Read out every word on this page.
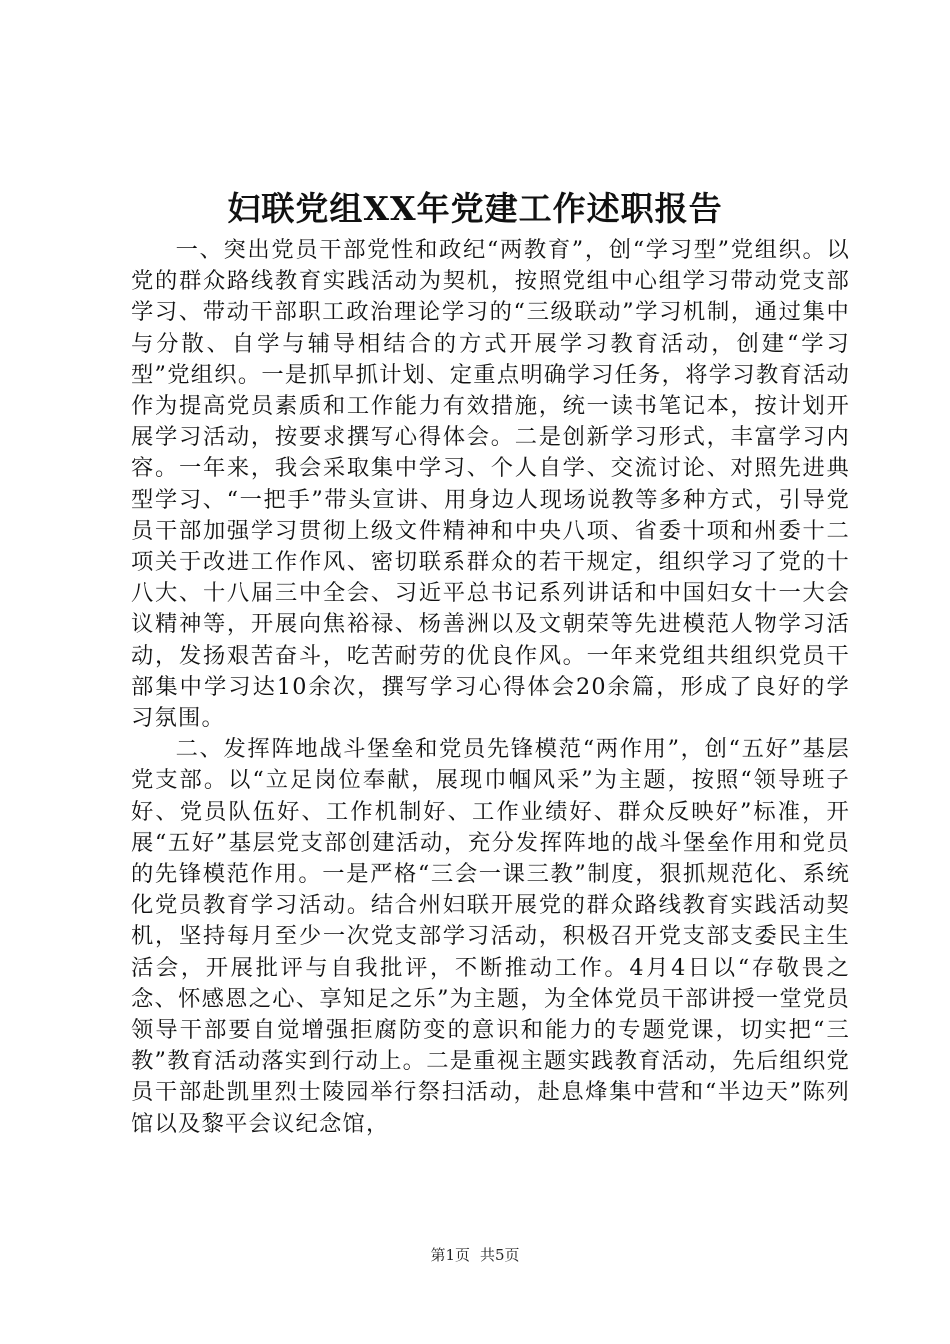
妇联党组XX年党建工作述职报告

一、突出党员干部党性和政纪“两教育”，创“学习型”党组织。以党的群众路线教育实践活动为契机，按照党组中心组学习带动党支部学习、带动干部职工政治理论学习的“三级联动”学习机制，通过集中与分散、自学与辅导相结合的方式开展学习教育活动，创建“学习型”党组织。一是抓早抓计划、定重点明确学习任务，将学习教育活动作为提高党员素质和工作能力有效措施，统一读书笔记本，按计划开展学习活动，按要求撰写心得体会。二是创新学习形式，丰富学习内容。一年来，我会采取集中学习、个人自学、交流讨论、对照先进典型学习、“一把手”带头宣讲、用身边人现场说教等多种方式，引导党员干部加强学习贯彻上级文件精神和中央八项、省委十项和州委十二项关于改进工作作风、密切联系群众的若干规定，组织学习了党的十八大、十八届三中全会、习近平总书记系列讲话和中国妇女十一大会议精神等，开展向焦裕禄、杨善洲以及文朝荣等先进模范人物学习活动，发扬艰苦奋斗，吃苦耐劳的优良作风。一年来党组共组织党员干部集中学习达10余次，撰写学习心得体会20余篇，形成了良好的学习氛围。

二、发挥阵地战斗堡垒和党员先锋模范“两作用”，创“五好”基层党支部。以“立足岗位奉献，展现巾帼风采”为主题，按照“领导班子好、党员队伍好、工作机制好、工作业绩好、群众反映好”标准，开展“五好”基层党支部创建活动，充分发挥阵地的战斗堡垒作用和党员的先锋模范作用。一是严格“三会一课三教”制度，狠抓规范化、系统化党员教育学习活动。结合州妇联开展党的群众路线教育实践活动契机，坚持每月至少一次党支部学习活动，积极召开党支部支委民主生活会，开展批评与自我批评，不断推动工作。4月4日以“存敬畏之念、怀感恩之心、享知足之乐”为主题，为全体党员干部讲授一堂党员领导干部要自觉增强拒腐防变的意识和能力的专题党课，切实把“三教”教育活动落实到行动上。二是重视主题实践教育活动，先后组织党员干部赴凯里烈士陵园举行祭扫活动，赴息烽集中营和“半边天”陈列馆以及黎平会议纪念馆，

第1页 共5页
